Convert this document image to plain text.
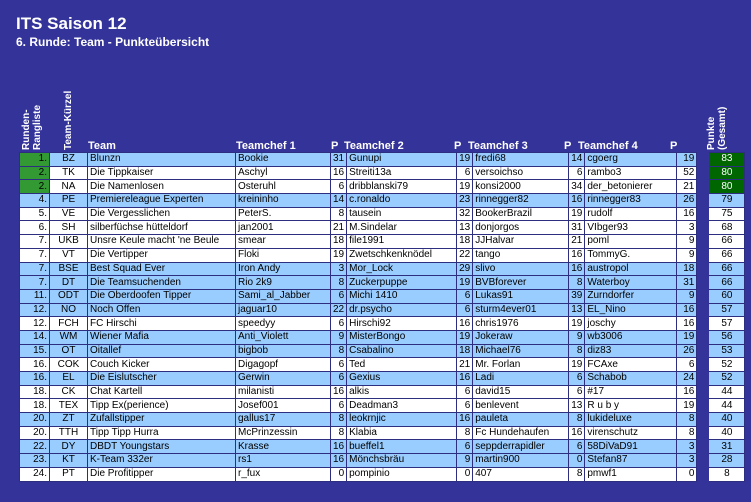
ITS Saison 12
6. Runde: Team - Punkteübersicht
Runden-
Rangliste Team-Kürzel Team	Teamchef 1	P Teamchef 2	P Teamchef 3	P Teamchef 4	P	Punkte
(Gesamt)
1.	BZ	Blunzn	Bookie	31	Gunupi	19	fredi68	14	cgoerg	19		83
2.	TK	Die Tippkaiser	Aschyl	16	Streiti13a	6	versoichso	6	rambo3	52		80
2.	NA	Die Namenlosen	Osteruhl	6	dribblanski79	19	konsi2000	34	der_betonierer	21		80
4.	PE	Premiereleague Experten	kreininho	14	c.ronaldo	23	rinnegger82	16	rinnegger83	26		79
5.	VE	Die Vergesslichen	PeterS.	8	tausein	32	BookerBrazil	19	rudolf	16		75
6.	SH	silberfüchse hütteldorf	jan2001	21	M.Sindelar	13	donjorgos	31	VIbger93	3		68
7.	UKB	Unsre Keule macht 'ne Beule	smear	18	file1991	18	JJHalvar	21	poml	9		66
7.	VT	Die Vertipper	Floki	19	Zwetschkenknödel	22	tango	16	TommyG.	9		66
7.	BSE	Best Squad Ever	Iron Andy	3	Mor_Lock	29	slivo	16	austropol	18		66
7.	DT	Die Teamsuchenden	Rio 2k9	8	Zuckerpuppe	19	BVBforever	8	Waterboy	31		66
11.	ODT	Die Oberdoofen Tipper	Sami_al_Jabber	6	Michi 1410	6	Lukas91	39	Zurndorfer	9		60
12.	NO	Noch Offen	jaguar10	22	dr.psycho	6	sturm4ever01	13	EL_Nino	16		57
12.	FCH	FC Hirschi	speedyy	6	Hirschi92	16	chris1976	19	joschy	16		57
14.	WM	Wiener Mafia	Anti_Violett	9	MisterBongo	19	Jokeraw	9	wb3006	19		56
15.	OT	Oitallef	bigbob	8	Csabalino	18	Michael76	8	diz83	26		53
16.	COK	Couch Kicker	Digagopf	6	Ted	21	Mr. Forlan	19	FCAxe	6		52
16.	EL	Die Eislutscher	Gerwin	6	Gexius	16	Ladi	6	Schabob	24		52
18.	CK	Chat Kartell	milanisti	16	alkis	6	david15	6	#17	16		44
18.	TEX	Tipp Ex(perience)	Josef001	6	Deadman3	6	benlevent	13	R u b y	19		44
20.	ZT	Zufallstipper	gallus17	8	leokrnjic	16	pauleta	8	lukideluxe	8		40
20.	TTH	Tipp Tipp Hurra	McPrinzessin	8	Klabia	8	Fc Hundehaufen	16	virenschutz	8		40
22.	DY	DBDT Youngstars	Krasse	16	bueffel1	6	seppderrapidler	6	58DiVaD91	3		31
23.	KT	K-Team 332er	rs1	16	Mönchsbräu	9	martin900	0	Stefan87	3		28
24.	PT	Die Profitipper	r_fux	0	pompinio	0	407	8	pmwf1	0		8
